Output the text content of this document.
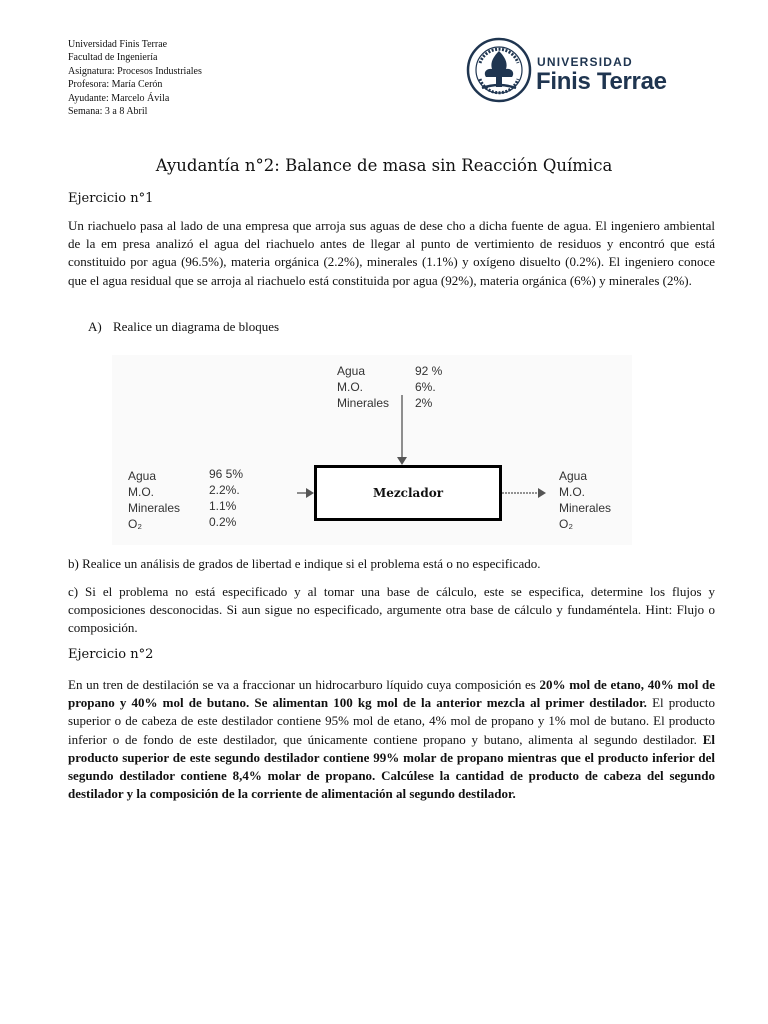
Universidad Finis Terrae
Facultad de Ingeniería
Asignatura: Procesos Industriales
Profesora: María Cerón
Ayudante: Marcelo Ávila
Semana: 3 a 8 Abril
UNIVERSIDAD
Finis Terrae
Ayudantía n°2: Balance de masa sin Reacción Química
Ejercicio n°1

Un riachuelo pasa al lado de una empresa que arroja sus aguas de dese cho a dicha fuente de agua. El ingeniero ambiental de la em presa analizó el agua del riachuelo antes de llegar al punto de vertimiento de residuos y encontró que está constituido por agua (96.5%), materia orgánica (2.2%), minerales (1.1%) y oxígeno disuelto (0.2%). El ingeniero conoce que el agua residual que se arroja al riachuelo está constituida por agua (92%), materia orgánica (6%) y minerales (2%).

A) Realice un diagrama de bloques
Agua
M.O.
Minerales
92 %
6%.
2%
Agua
M.O.
Minerales
O₂
96 5%
2.2%.
1.1%
0.2%
Mezclador
Agua
M.O.
Minerales
O₂

b) Realice un análisis de grados de libertad e indique si el problema está o no especificado.

c) Si el problema no está especificado y al tomar una base de cálculo, este se especifica, determine los flujos y composiciones desconocidas. Si aun sigue no especificado, argumente otra base de cálculo y fundaméntela. Hint: Flujo o composición.

Ejercicio n°2

En un tren de destilación se va a fraccionar un hidrocarburo líquido cuya composición es 20% mol de etano, 40% mol de propano y 40% mol de butano. Se alimentan 100 kg mol de la anterior mezcla al primer destilador. El producto superior o de cabeza de este destilador contiene 95% mol de etano, 4% mol de propano y 1% mol de butano. El producto inferior o de fondo de este destilador, que únicamente contiene propano y butano, alimenta al segundo destilador. El producto superior de este segundo destilador contiene 99% molar de propano mientras que el producto inferior del segundo destilador contiene 8,4% molar de propano. Calcúlese la cantidad de producto de cabeza del segundo destilador y la composición de la corriente de alimentación al segundo destilador.
